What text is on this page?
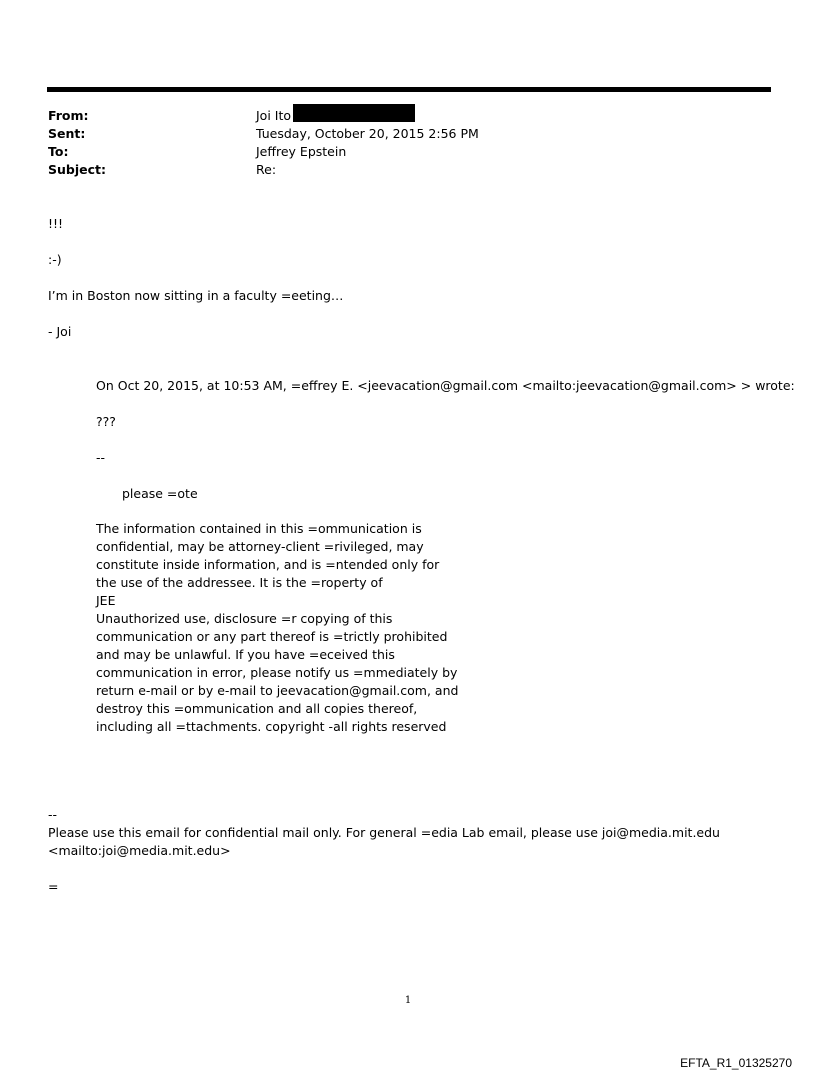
From:	Joi Ito
Sent:	Tuesday, October 20, 2015 2:56 PM
To:	Jeffrey Epstein
Subject:	Re:
!!!
:-)
I’m in Boston now sitting in a faculty =eeting…
- Joi
On Oct 20, 2015, at 10:53 AM, =effrey E. <jeevacation@gmail.com <mailto:jeevacation@gmail.com> > wrote:
???
--
please =ote
The information contained in this =ommunication is
confidential, may be attorney-client =rivileged, may
constitute inside information, and is =ntended only for
the use of the addressee. It is the =roperty of
JEE
Unauthorized use, disclosure =r copying of this
communication or any part thereof is =trictly prohibited
and may be unlawful. If you have =eceived this
communication in error, please notify us =mmediately by
return e-mail or by e-mail to jeevacation@gmail.com, and
destroy this =ommunication and all copies thereof,
including all =ttachments. copyright -all rights reserved
--
Please use this email for confidential mail only. For general =edia Lab email, please use joi@media.mit.edu
<mailto:joi@media.mit.edu>
=
1
EFTA_R1_01325270
